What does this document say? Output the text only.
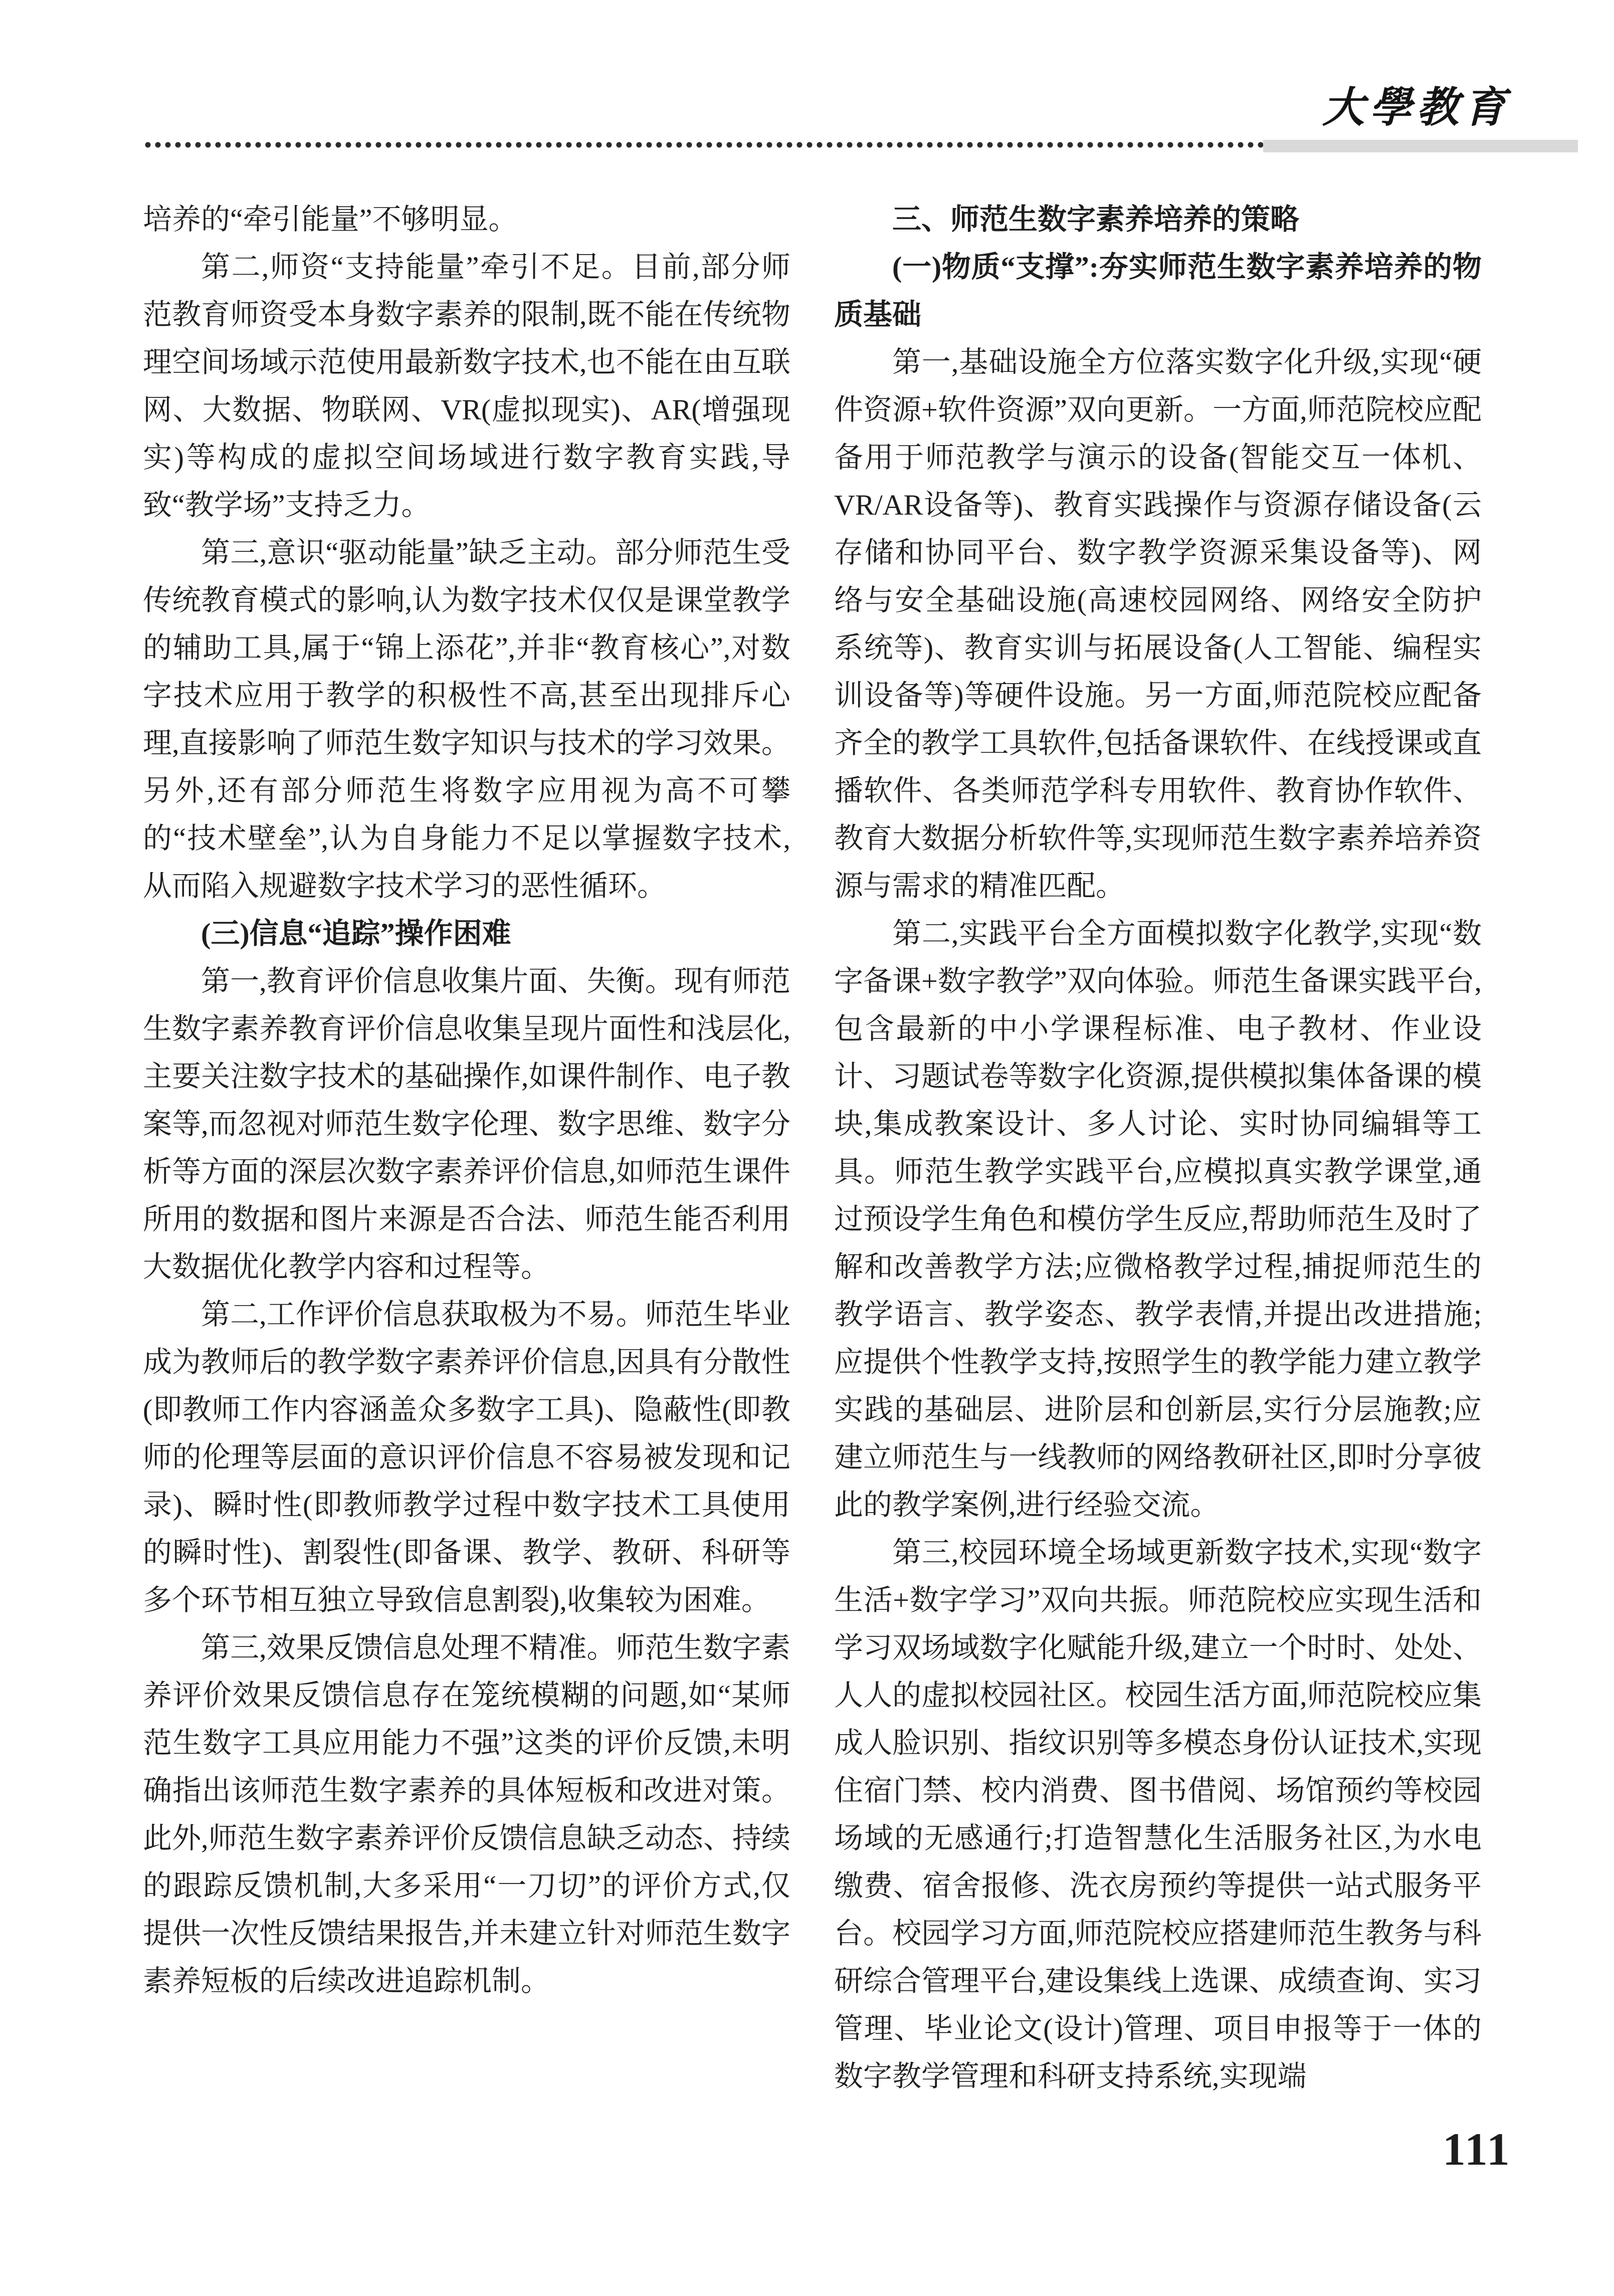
大學教育

培养的“牵引能量”不够明显。

第二,师资“支持能量”牵引不足。目前,部分师范教育师资受本身数字素养的限制,既不能在传统物理空间场域示范使用最新数字技术,也不能在由互联网、大数据、物联网、VR(虚拟现实)、AR(增强现实)等构成的虚拟空间场域进行数字教育实践,导致“教学场”支持乏力。

第三,意识“驱动能量”缺乏主动。部分师范生受传统教育模式的影响,认为数字技术仅仅是课堂教学的辅助工具,属于“锦上添花”,并非“教育核心”,对数字技术应用于教学的积极性不高,甚至出现排斥心理,直接影响了师范生数字知识与技术的学习效果。另外,还有部分师范生将数字应用视为高不可攀的“技术壁垒”,认为自身能力不足以掌握数字技术,从而陷入规避数字技术学习的恶性循环。

(三)信息“追踪”操作困难

第一,教育评价信息收集片面、失衡。现有师范生数字素养教育评价信息收集呈现片面性和浅层化,主要关注数字技术的基础操作,如课件制作、电子教案等,而忽视对师范生数字伦理、数字思维、数字分析等方面的深层次数字素养评价信息,如师范生课件所用的数据和图片来源是否合法、师范生能否利用大数据优化教学内容和过程等。

第二,工作评价信息获取极为不易。师范生毕业成为教师后的教学数字素养评价信息,因具有分散性(即教师工作内容涵盖众多数字工具)、隐蔽性(即教师的伦理等层面的意识评价信息不容易被发现和记录)、瞬时性(即教师教学过程中数字技术工具使用的瞬时性)、割裂性(即备课、教学、教研、科研等多个环节相互独立导致信息割裂),收集较为困难。

第三,效果反馈信息处理不精准。师范生数字素养评价效果反馈信息存在笼统模糊的问题,如“某师范生数字工具应用能力不强”这类的评价反馈,未明确指出该师范生数字素养的具体短板和改进对策。此外,师范生数字素养评价反馈信息缺乏动态、持续的跟踪反馈机制,大多采用“一刀切”的评价方式,仅提供一次性反馈结果报告,并未建立针对师范生数字素养短板的后续改进追踪机制。

三、师范生数字素养培养的策略

(一)物质“支撑”:夯实师范生数字素养培养的物质基础

第一,基础设施全方位落实数字化升级,实现“硬件资源+软件资源”双向更新。一方面,师范院校应配备用于师范教学与演示的设备(智能交互一体机、VR/AR设备等)、教育实践操作与资源存储设备(云存储和协同平台、数字教学资源采集设备等)、网络与安全基础设施(高速校园网络、网络安全防护系统等)、教育实训与拓展设备(人工智能、编程实训设备等)等硬件设施。另一方面,师范院校应配备齐全的教学工具软件,包括备课软件、在线授课或直播软件、各类师范学科专用软件、教育协作软件、教育大数据分析软件等,实现师范生数字素养培养资源与需求的精准匹配。

第二,实践平台全方面模拟数字化教学,实现“数字备课+数字教学”双向体验。师范生备课实践平台,包含最新的中小学课程标准、电子教材、作业设计、习题试卷等数字化资源,提供模拟集体备课的模块,集成教案设计、多人讨论、实时协同编辑等工具。师范生教学实践平台,应模拟真实教学课堂,通过预设学生角色和模仿学生反应,帮助师范生及时了解和改善教学方法;应微格教学过程,捕捉师范生的教学语言、教学姿态、教学表情,并提出改进措施;应提供个性教学支持,按照学生的教学能力建立教学实践的基础层、进阶层和创新层,实行分层施教;应建立师范生与一线教师的网络教研社区,即时分享彼此的教学案例,进行经验交流。

第三,校园环境全场域更新数字技术,实现“数字生活+数字学习”双向共振。师范院校应实现生活和学习双场域数字化赋能升级,建立一个时时、处处、人人的虚拟校园社区。校园生活方面,师范院校应集成人脸识别、指纹识别等多模态身份认证技术,实现住宿门禁、校内消费、图书借阅、场馆预约等校园场域的无感通行;打造智慧化生活服务社区,为水电缴费、宿舍报修、洗衣房预约等提供一站式服务平台。校园学习方面,师范院校应搭建师范生教务与科研综合管理平台,建设集线上选课、成绩查询、实习管理、毕业论文(设计)管理、项目申报等于一体的数字教学管理和科研支持系统,实现端

111
